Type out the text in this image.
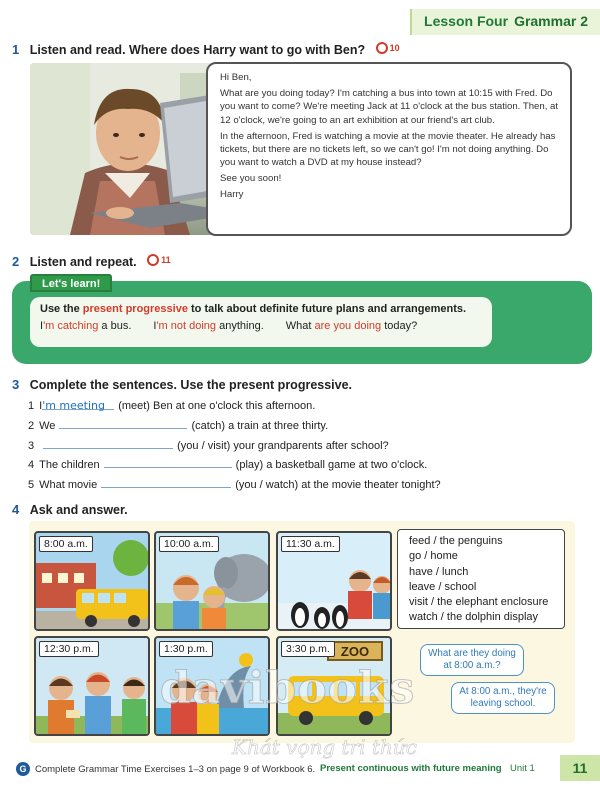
Lesson Four Grammar 2
1 Listen and read. Where does Harry want to go with Ben?	10

Hi Ben,

What are you doing today? I'm catching a bus into town at 10:15 with Fred. Do you want to come? We're meeting Jack at 11 o'clock at the bus station. Then, at 12 o'clock, we're going to an art exhibition at our friend's art club.

In the afternoon, Fred is watching a movie at the movie theater. He already has tickets, but there are no tickets left, so we can't go! I'm not doing anything. Do you want to watch a DVD at my house instead?

See you soon!

Harry

2 Listen and repeat.	11
Let's learn!
Use the present progressive to talk about definite future plans and arrangements.
I'm catching a bus. I'm not doing anything. What are you doing today?
3 Complete the sentences. Use the present progressive.
1 I 'm meeting	(meet) Ben at one o'clock this afternoon.
2 We	(catch) a train at three thirty.
3	(you / visit) your grandparents after school?
4 The children	(play) a basketball game at two o'clock.
5 What movie	(you / watch) at the movie theater tonight?
4 Ask and answer.
8:00 a.m.	10:00 a.m.	11:30 a.m.
12:30 p.m.	1:30 p.m.	3:30 p.m. ZOO
feed / the penguins
go / home
have / lunch
leave / school
visit / the elephant enclosure
watch / the dolphin display
What are they doing at 8:00 a.m.?
At 8:00 a.m., they're leaving school.
davibooks
Khát vọng tri thức
G Complete Grammar Time Exercises 1–3 on page 9 of Workbook 6. Present continuous with future meaning Unit 1	11
